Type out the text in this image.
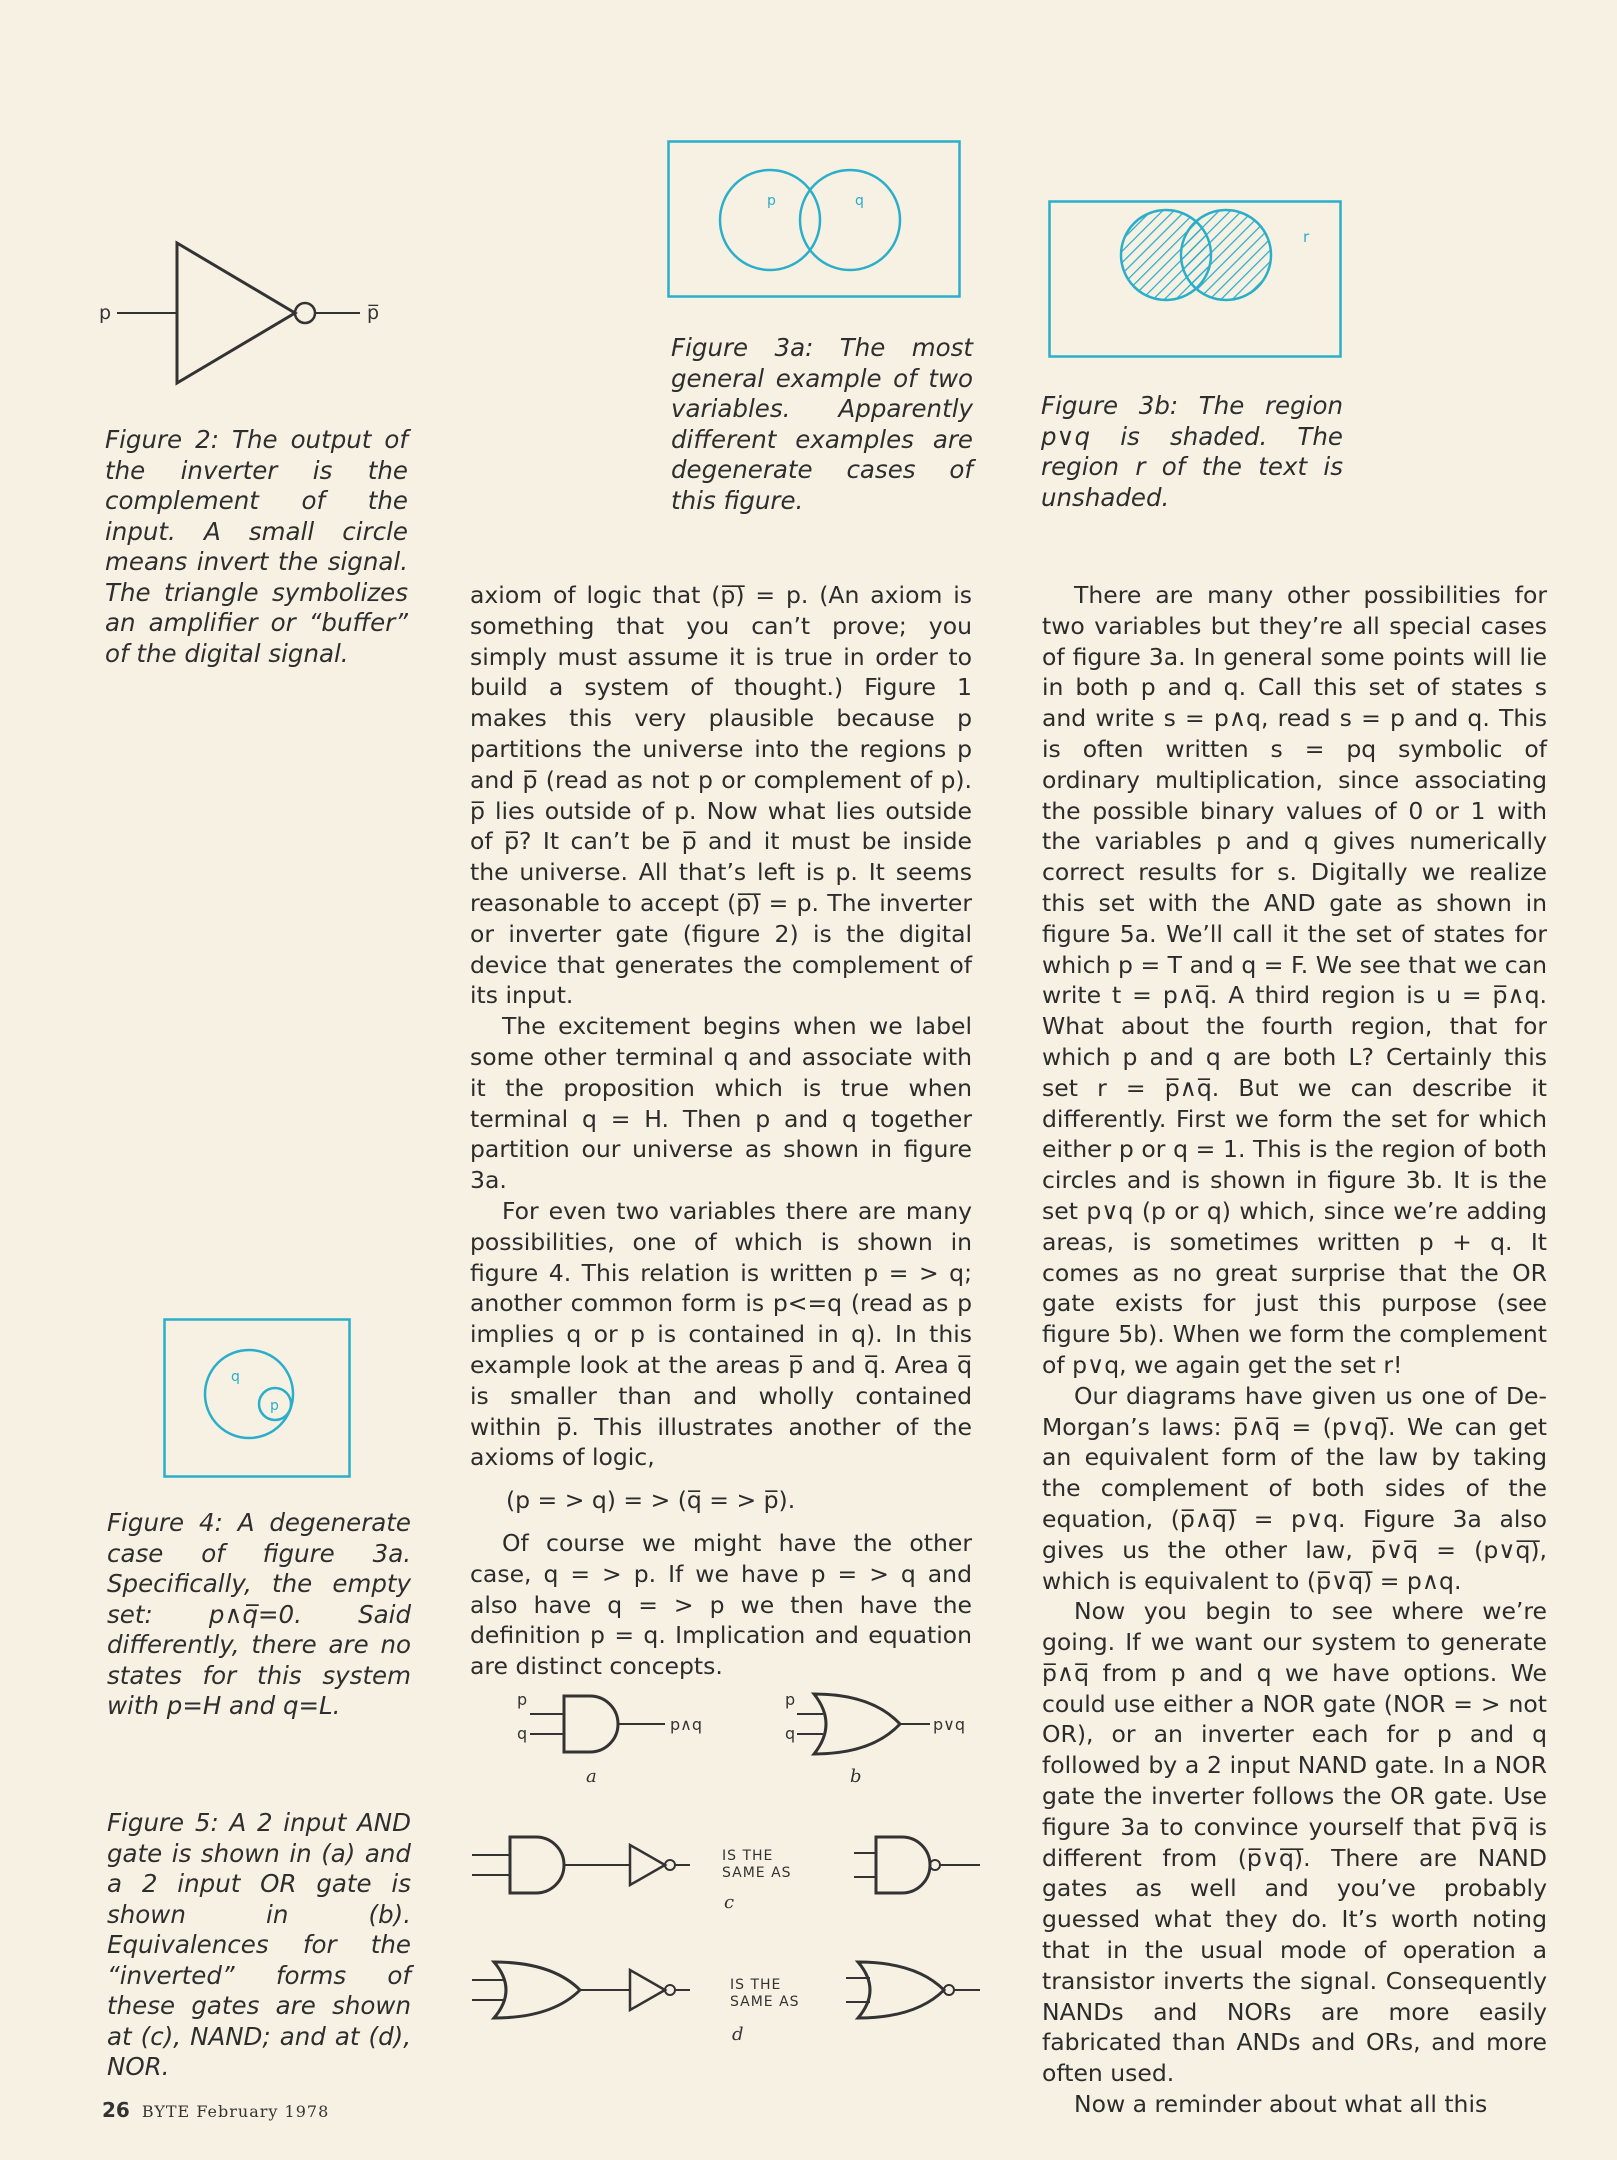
p	p̅
Figure 2: The output of the inverter is the complement of the input. A small circle means invert the signal. The triangle symbolizes an amplifier or “buffer” of the digital signal.
p	q
Figure 3a: The most general example of two variables. Apparently different examples are degenerate cases of this figure.
r
Figure 3b: The region p∨q is shaded. The region r of the text is unshaded.
q
p
Figure 4: A degenerate case of figure 3a. Specifically, the empty set: p∧q̅=0. Said differently, there are no states for this system with p=H and q=L.
Figure 5: A 2 input AND gate is shown in (a) and a 2 input OR gate is shown in (b). Equivalences for the “inverted” forms of these gates are shown at (c), NAND; and at (d), NOR.
p
q	p∧q
a
p
q	p∨q
b
IS THE
SAME AS
c
IS THE
SAME AS
d

axiom of logic that (p̅)̅ = p. (An axiom is something that you can’t prove; you simply must assume it is true in order to build a system of thought.) Figure 1 makes this very plausible because p partitions the universe into the regions p and p̅ (read as not p or complement of p). p̅ lies outside of p. Now what lies outside of p̅? It can’t be p̅ and it must be inside the universe. All that’s left is p. It seems reasonable to accept (p̅)̅ = p. The inverter or inverter gate (figure 2) is the digital device that generates the complement of its input.

The excitement begins when we label some other terminal q and associate with it the proposition which is true when terminal q = H. Then p and q together partition our universe as shown in figure 3a.

For even two variables there are many possibilities, one of which is shown in figure 4. This relation is written p = > q; another common form is p<=q (read as p implies q or p is contained in q). In this example look at the areas p̅ and q̅. Area q̅ is smaller than and wholly contained within p̅. This illustrates another of the axioms of logic,

(p = > q) = > (q̅ = > p̅).

Of course we might have the other case, q = > p. If we have p = > q and also have q = > p we then have the definition p = q. Implication and equation are distinct concepts.

There are many other possibilities for two variables but they’re all special cases of figure 3a. In general some points will lie in both p and q. Call this set of states s and write s = p∧q, read s = p and q. This is often written s = pq symbolic of ordinary multiplication, since associating the possible binary values of 0 or 1 with the variables p and q gives numerically correct results for s. Digitally we realize this set with the AND gate as shown in figure 5a. We’ll call it the set of states for which p = T and q = F. We see that we can write t = p∧q̅. A third region is u = p̅∧q. What about the fourth region, that for which p and q are both L? Certainly this set r = p̅∧q̅. But we can describe it differently. First we form the set for which either p or q = 1. This is the region of both circles and is shown in figure 3b. It is the set p∨q (p or q) which, since we’re adding areas, is sometimes written p + q. It comes as no great surprise that the OR gate exists for just this purpose (see figure 5b). When we form the complement of p∨q, we again get the set r!

Our diagrams have given us one of De-Morgan’s laws: p̅∧q̅ = (p∨q)̅. We can get an equivalent form of the law by taking the complement of both sides of the equation, (p̅∧q̅)̅ = p∨q. Figure 3a also gives us the other law, p̅∨q̅ = (p∨q̅)̅, which is equivalent to (p̅∨q̅)̅ = p∧q.

Now you begin to see where we’re going. If we want our system to generate p̅∧q̅ from p and q we have options. We could use either a NOR gate (NOR = > not OR), or an inverter each for p and q followed by a 2 input NAND gate. In a NOR gate the inverter follows the OR gate. Use figure 3a to convince yourself that p̅∨q̅ is different from (p̅∨q̅)̅. There are NAND gates as well and you’ve probably guessed what they do. It’s worth noting that in the usual mode of operation a transistor inverts the signal. Consequently NANDs and NORs are more easily fabricated than ANDs and ORs, and more often used.

Now a reminder about what all this

26 BYTE February 1978
